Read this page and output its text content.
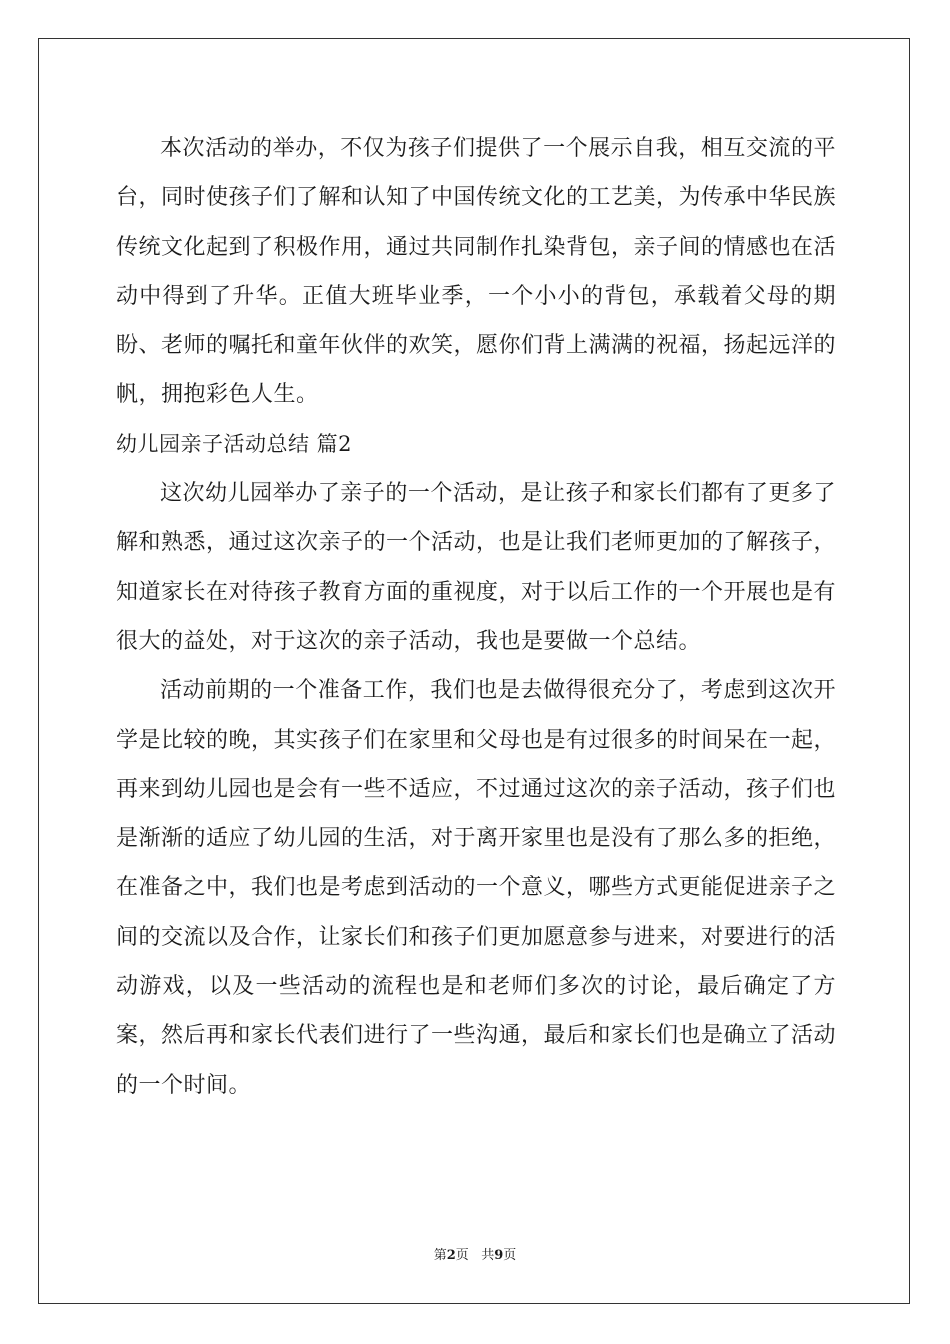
本次活动的举办，不仅为孩子们提供了一个展示自我，相互交流的平台，同时使孩子们了解和认知了中国传统文化的工艺美，为传承中华民族传统文化起到了积极作用，通过共同制作扎染背包，亲子间的情感也在活动中得到了升华。正值大班毕业季，一个小小的背包，承载着父母的期盼、老师的嘱托和童年伙伴的欢笑，愿你们背上满满的祝福，扬起远洋的帆，拥抱彩色人生。

幼儿园亲子活动总结 篇2

这次幼儿园举办了亲子的一个活动，是让孩子和家长们都有了更多了解和熟悉，通过这次亲子的一个活动，也是让我们老师更加的了解孩子，知道家长在对待孩子教育方面的重视度，对于以后工作的一个开展也是有很大的益处，对于这次的亲子活动，我也是要做一个总结。

活动前期的一个准备工作，我们也是去做得很充分了，考虑到这次开学是比较的晚，其实孩子们在家里和父母也是有过很多的时间呆在一起，再来到幼儿园也是会有一些不适应，不过通过这次的亲子活动，孩子们也是渐渐的适应了幼儿园的生活，对于离开家里也是没有了那么多的拒绝，在准备之中，我们也是考虑到活动的一个意义，哪些方式更能促进亲子之间的交流以及合作，让家长们和孩子们更加愿意参与进来，对要进行的活动游戏，以及一些活动的流程也是和老师们多次的讨论，最后确定了方案，然后再和家长代表们进行了一些沟通，最后和家长们也是确立了活动的一个时间。

第2页 共9页
